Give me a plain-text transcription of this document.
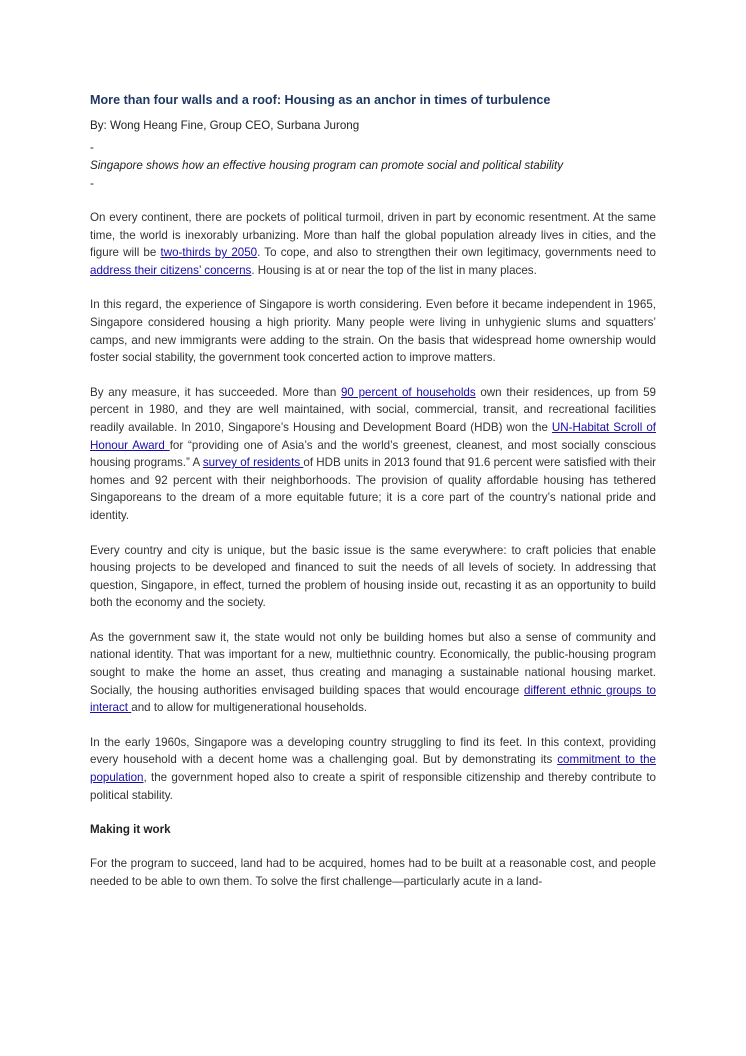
More than four walls and a roof: Housing as an anchor in times of turbulence
By: Wong Heang Fine, Group CEO, Surbana Jurong
-
Singapore shows how an effective housing program can promote social and political stability
-

On every continent, there are pockets of political turmoil, driven in part by economic resentment. At the same time, the world is inexorably urbanizing. More than half the global population already lives in cities, and the figure will be two-thirds by 2050. To cope, and also to strengthen their own legitimacy, governments need to address their citizens’ concerns. Housing is at or near the top of the list in many places.

In this regard, the experience of Singapore is worth considering. Even before it became independent in 1965, Singapore considered housing a high priority. Many people were living in unhygienic slums and squatters’ camps, and new immigrants were adding to the strain. On the basis that widespread home ownership would foster social stability, the government took concerted action to improve matters.

By any measure, it has succeeded. More than 90 percent of households own their residences, up from 59 percent in 1980, and they are well maintained, with social, commercial, transit, and recreational facilities readily available. In 2010, Singapore’s Housing and Development Board (HDB) won the UN-Habitat Scroll of Honour Award for “providing one of Asia’s and the world’s greenest, cleanest, and most socially conscious housing programs.” A survey of residents of HDB units in 2013 found that 91.6 percent were satisfied with their homes and 92 percent with their neighborhoods. The provision of quality affordable housing has tethered Singaporeans to the dream of a more equitable future; it is a core part of the country’s national pride and identity.

Every country and city is unique, but the basic issue is the same everywhere: to craft policies that enable housing projects to be developed and financed to suit the needs of all levels of society. In addressing that question, Singapore, in effect, turned the problem of housing inside out, recasting it as an opportunity to build both the economy and the society.

As the government saw it, the state would not only be building homes but also a sense of community and national identity. That was important for a new, multiethnic country. Economically, the public-housing program sought to make the home an asset, thus creating and managing a sustainable national housing market. Socially, the housing authorities envisaged building spaces that would encourage different ethnic groups to interact and to allow for multigenerational households.

In the early 1960s, Singapore was a developing country struggling to find its feet. In this context, providing every household with a decent home was a challenging goal. But by demonstrating its commitment to the population, the government hoped also to create a spirit of responsible citizenship and thereby contribute to political stability.

Making it work

For the program to succeed, land had to be acquired, homes had to be built at a reasonable cost, and people needed to be able to own them. To solve the first challenge—particularly acute in a land-
